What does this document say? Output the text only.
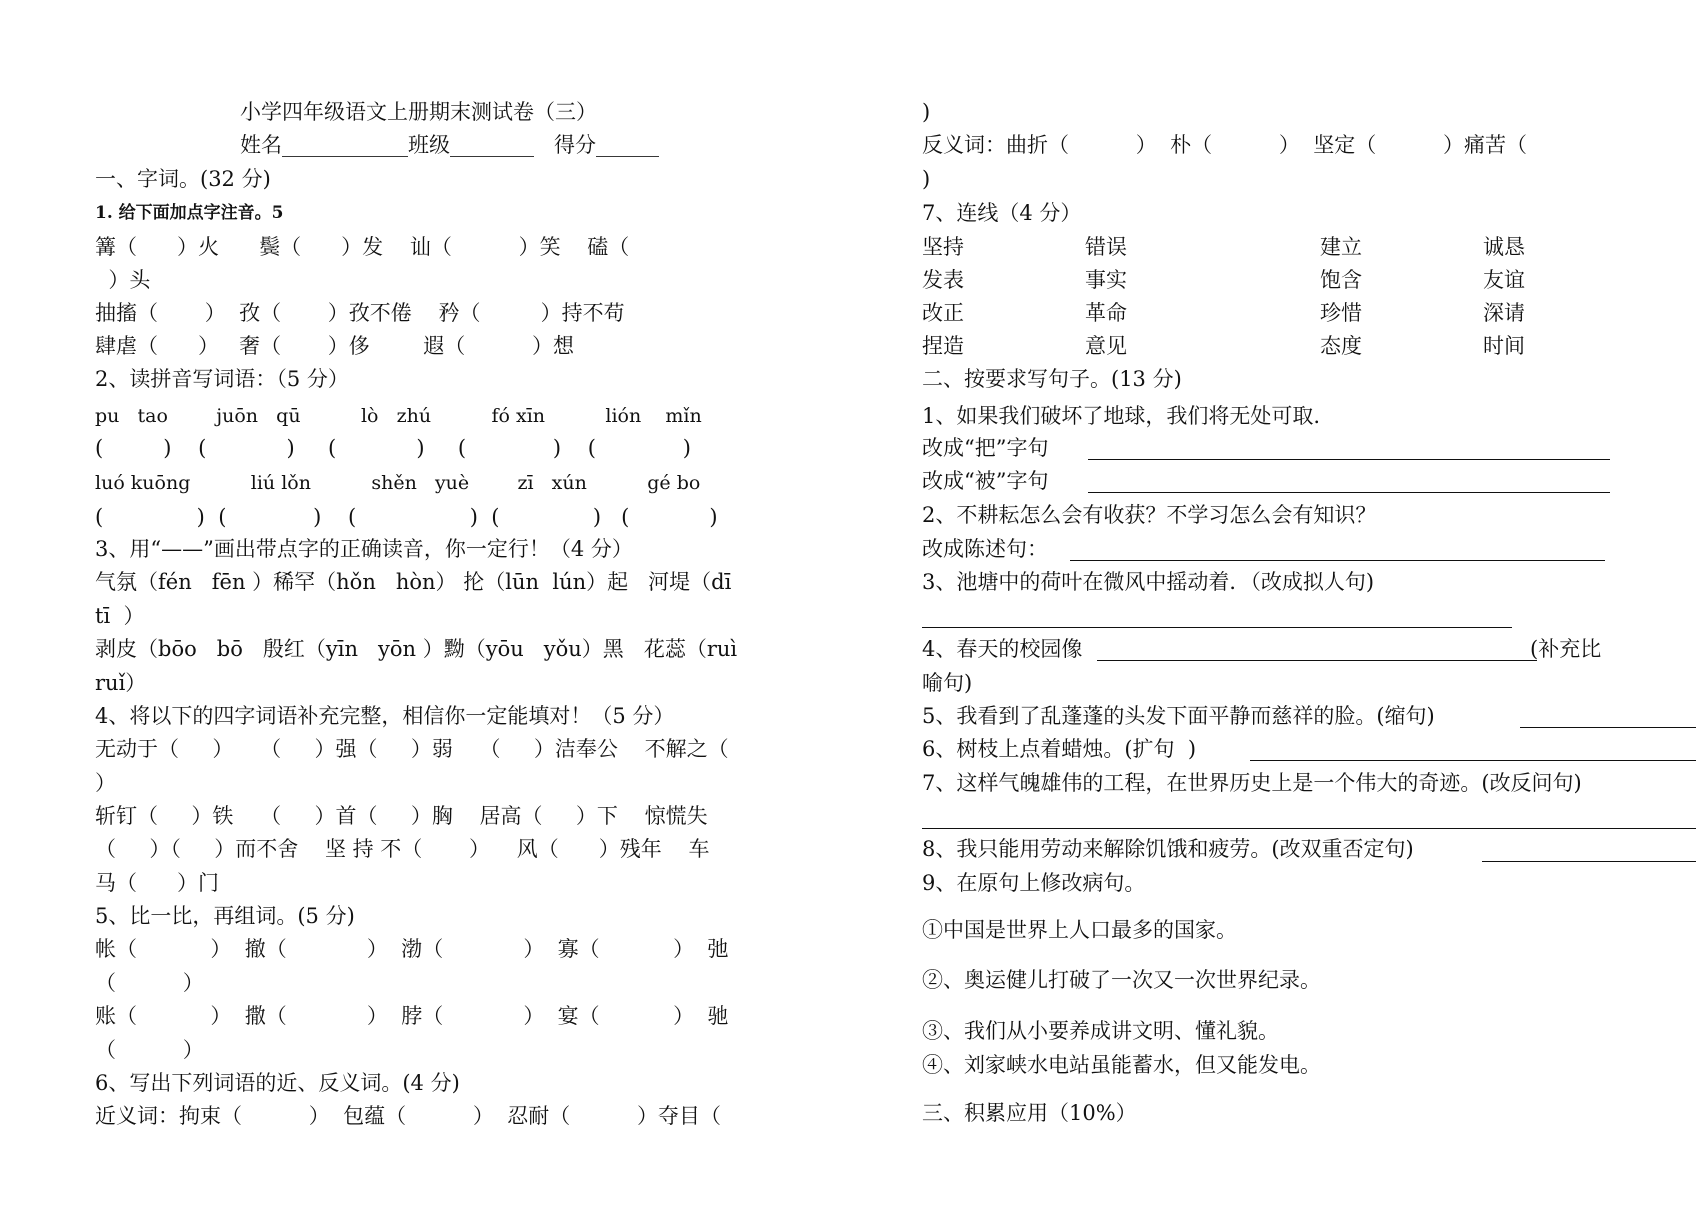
小学四年级语文上册期末测试卷（三）
姓名____________班级________   得分______
一、字词。(32 分)
1. 给下面加点字注音。5
篝（      ）火      鬓（      ）发    讪（          ）笑    磕（
）头
抽搐（       ）  孜（       ）孜不倦    矜（         ）持不苟
肆虐（      ）   奢（       ）侈        遐（          ）想
2、读拼音写词语：（5 分）
pu   tao        juōn   qū          lò   zhú          fó xīn          lión    mǐn
(         )    (            )     (            )     (             )    (             )
luó kuōng          liú lǒn          shěn   yuè        zī   xún          gé bo
(              )  (             )    (                 )  (              )   (            )
3、用“——”画出带点字的正确读音，你一定行！（4 分）
气氛（fén   fēn ）稀罕（hǒn   hòn） 抡（lūn  lún）起   河堤（dī
tī  ）
剥皮（bōo   bō   殷红（yīn   yōn ）黝（yōu   yǒu）黑   花蕊（ruì
ruǐ）
4、将以下的四字词语补充完整，相信你一定能填对！（5 分）
无动于（     ）    （     ）强（     ）弱    （     ）洁奉公    不解之（
）
斩钉（     ）铁    （     ）首（     ）胸    居高（     ）下    惊慌失
（     ）（     ）而不舍    坚 持 不（       ）    风（      ）残年    车
马（      ）门
5、比一比，再组词。(5 分)
帐（           ）  撤（            ）  渤（            ）  寡（           ）  弛
（          ）
账（           ）  撒（            ）  脖（            ）  宴（           ）  驰
（          ）
6、写出下列词语的近、反义词。(4 分)
近义词：拘束（          ）  包蕴（          ）  忍耐（          ）夺目（
)
反义词：曲折（          ）  朴（          ）  坚定（          ）痛苦（
)
7、连线（4 分）
坚持	错误	建立	诚恳
发表	事实	饱含	友谊
改正	革命	珍惜	深请
捏造	意见	态度	时间
二、按要求写句子。(13 分)
1、如果我们破坏了地球，我们将无处可取.
改成“把”字句
改成“被”字句
2、不耕耘怎么会有收获？不学习怎么会有知识？
改成陈述句：
3、池塘中的荷叶在微风中摇动着．（改成拟人句)
4、春天的校园像	(补充比
喻句)
5、我看到了乱蓬蓬的头发下面平静而慈祥的脸。(缩句)
6、树枝上点着蜡烛。(扩句  )
7、这样气魄雄伟的工程，在世界历史上是一个伟大的奇迹。(改反问句)
8、我只能用劳动来解除饥饿和疲劳。(改双重否定句)
9、在原句上修改病句。
①中国是世界上人口最多的国家。
②、奥运健儿打破了一次又一次世界纪录。
③、我们从小要养成讲文明、懂礼貌。
④、刘家峡水电站虽能蓄水，但又能发电。
三、积累应用（10%）
